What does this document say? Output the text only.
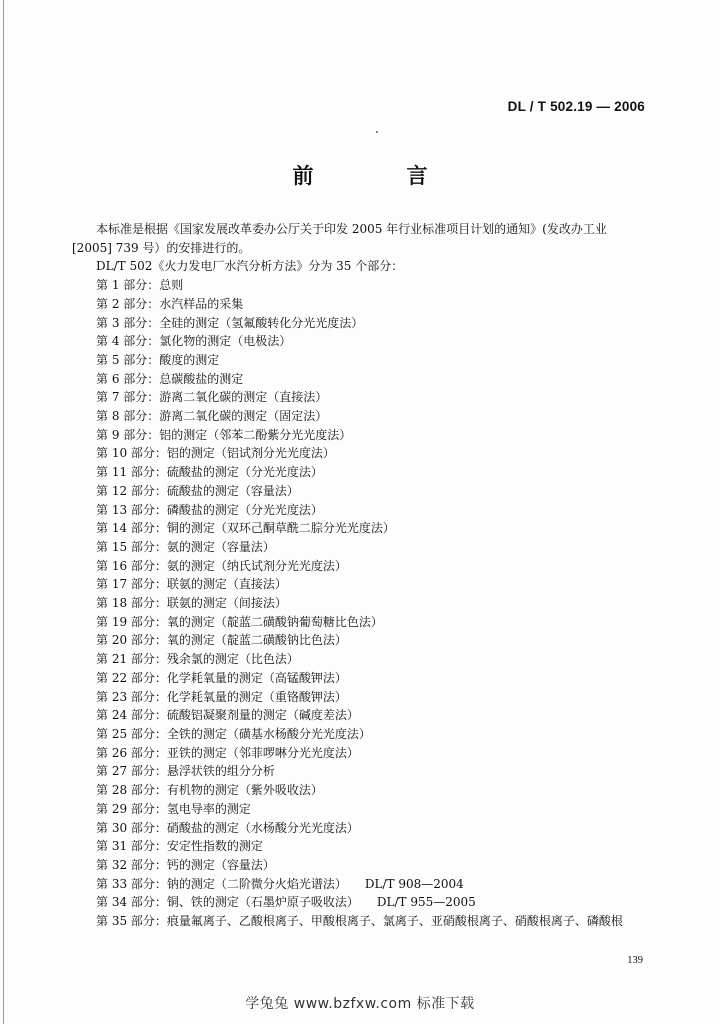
DL / T 502.19 — 2006
前　言

本标准是根据《国家发展改革委办公厅关于印发 2005 年行业标准项目计划的通知》(发改办工业

[2005] 739 号）的安排进行的。

DL/T 502《火力发电厂水汽分析方法》分为 35 个部分：

第 1 部分：总则
第 2 部分：水汽样品的采集
第 3 部分：全硅的测定（氢氟酸转化分光光度法）
第 4 部分：氯化物的测定（电极法）
第 5 部分：酸度的测定
第 6 部分：总碳酸盐的测定
第 7 部分：游离二氧化碳的测定（直接法）
第 8 部分：游离二氧化碳的测定（固定法）
第 9 部分：铝的测定（邻苯二酚紫分光光度法）
第 10 部分：铝的测定（铝试剂分光光度法）
第 11 部分：硫酸盐的测定（分光光度法）
第 12 部分：硫酸盐的测定（容量法）
第 13 部分：磷酸盐的测定（分光光度法）
第 14 部分：铜的测定（双环己酮草酰二腙分光光度法）
第 15 部分：氨的测定（容量法）
第 16 部分：氨的测定（纳氏试剂分光光度法）
第 17 部分：联氨的测定（直接法）
第 18 部分：联氨的测定（间接法）
第 19 部分：氧的测定（靛蓝二磺酸钠葡萄糖比色法）
第 20 部分：氧的测定（靛蓝二磺酸钠比色法）
第 21 部分：残余氯的测定（比色法）
第 22 部分：化学耗氧量的测定（高锰酸钾法）
第 23 部分：化学耗氧量的测定（重铬酸钾法）
第 24 部分：硫酸铝凝聚剂量的测定（碱度差法）
第 25 部分：全铁的测定（磺基水杨酸分光光度法）
第 26 部分：亚铁的测定（邻菲啰啉分光光度法）
第 27 部分：悬浮状铁的组分分析
第 28 部分：有机物的测定（紫外吸收法）
第 29 部分：氢电导率的测定
第 30 部分：硝酸盐的测定（水杨酸分光光度法）
第 31 部分：安定性指数的测定
第 32 部分：钙的测定（容量法）
第 33 部分：钠的测定（二阶微分火焰光谱法） DL/T 908—2004
第 34 部分：铜、铁的测定（石墨炉原子吸收法） DL/T 955—2005
第 35 部分：痕量氟离子、乙酸根离子、甲酸根离子、氯离子、亚硝酸根离子、硝酸根离子、磷酸根
139
学兔兔 www.bzfxw.com 标准下载
